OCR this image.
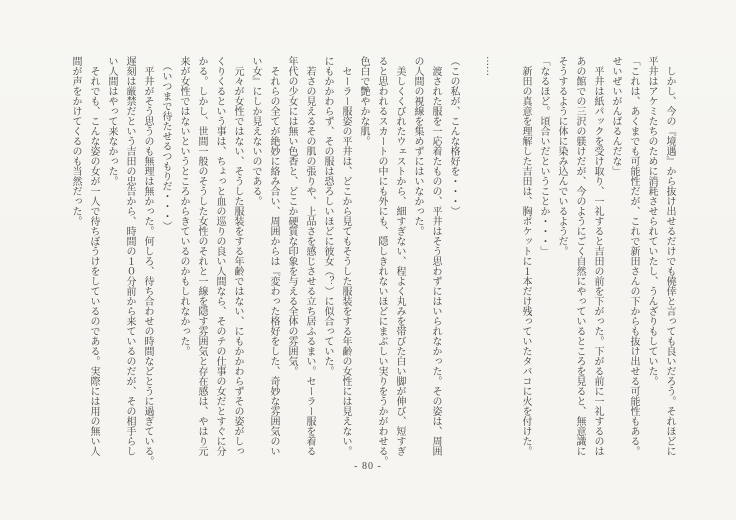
　しかし、今の『境遇』から抜け出せるだけでも僥倖と言っても良いだろう。それほどに

平井はアケミたちのために消耗させられていたし、うんざりもしていた。

「これは、あくまでも可能性だが、これで新田さんの下からも抜け出せる可能性もある。

せいぜいがんばるんだな」

　平井は紙パックを受け取り、一礼すると吉田の前を下がった。下がる前に一礼するのは

あの館での三沢の躾けだが、今のようにごく自然にやっているところを見ると、無意識に

そうするように体に染み込んでいるようだ。

「なるほど。頃合いだということか・・・」

　新田の真意を理解した吉田は、胸ポケットに１本だけ残っていたタバコに火を付けた。

……

（この私が、こんな格好を・・・）

　渡された服を一応着たものの、平井はそう思わずにはいられなかった。その姿は、周囲

の人間の視線を集めずにはいなかった。

　美しくくびれたウェストから、細すぎない、程よく丸みを帯びた白い脚が伸び、短すぎ

ると思われるスカートの中にも外にも、隠しきれないほどにまぶしい実りをうかがわせる。

色白で艶やかな肌。

　セーラー服姿の平井は、どこから見てもそうした服装をする年齢の女性には見えない。

にもかかわらず、その服は恐ろしいほどに彼女（？）に似合っていた。

　若さの見えるその肌の張りや、上品さを感じさせる立ち居ふるまい。セーラー服を着る

年代の少女には無い色香と、どこか硬質な印象を与える全体の雰囲気。

　それらの全てが絶妙に絡み合い、周囲からは『変わった格好をした、奇妙な雰囲気のい

い女』にしか見えないのである。

　元々が女性ではない、そうした服装をする年齢ではない、にもかかわらずその姿がしっ

くりくるという事は、ちょっと血の巡りの良い人間なら、そのテの仕事の女だとすぐに分

かる。しかし、世間一般のそうした女性のそれと一線を隠す雰囲気と存在感は、やはり元

来が女性ではないというところからきているのかもしれなかった。

　（いつまで待たせるつもりだ・・・）

　平井がそう思うのも無理は無かった。何しろ、待ち合わせの時間などとうに過ぎている。

遅刻は厳禁だという吉田の忠告から、時間の１０分前から来ているのだが、その相手らし

い人間はやって来なかった。

　それでも、こんな姿の女が一人で待ちぼうけをしているのである。実際には用の無い人

間が声をかけてくるのも当然だった。

- 80 -
